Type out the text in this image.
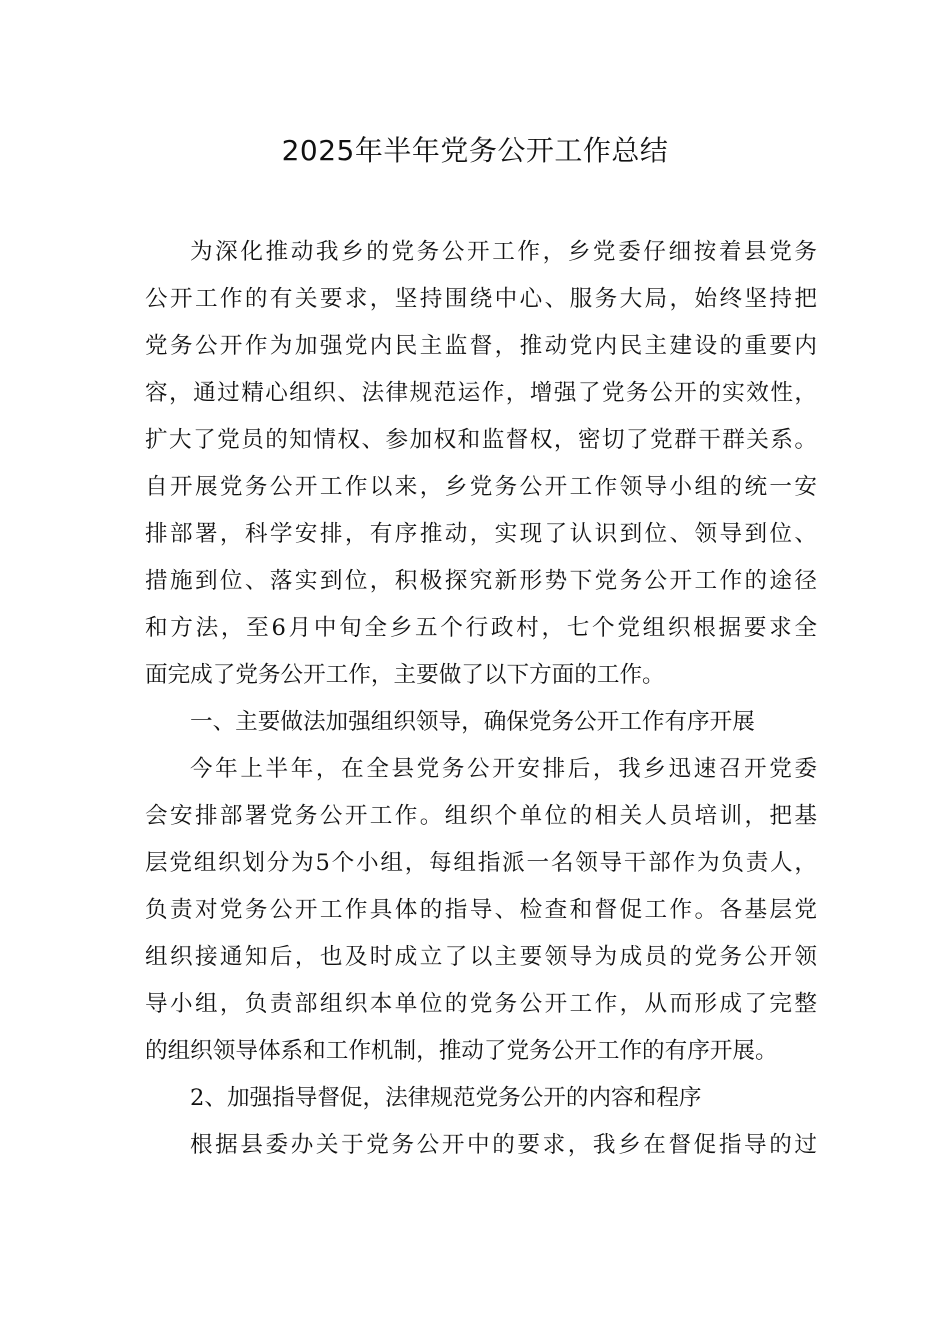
2025年半年党务公开工作总结
为深化推动我乡的党务公开工作，乡党委仔细按着县党务
公开工作的有关要求，坚持围绕中心、服务大局，始终坚持把
党务公开作为加强党内民主监督，推动党内民主建设的重要内
容，通过精心组织、法律规范运作，增强了党务公开的实效性，
扩大了党员的知情权、参加权和监督权，密切了党群干群关系。
自开展党务公开工作以来，乡党务公开工作领导小组的统一安
排部署，科学安排，有序推动，实现了认识到位、领导到位、
措施到位、落实到位，积极探究新形势下党务公开工作的途径
和方法，至6月中旬全乡五个行政村，七个党组织根据要求全
面完成了党务公开工作，主要做了以下方面的工作。
一、主要做法加强组织领导，确保党务公开工作有序开展
今年上半年，在全县党务公开安排后，我乡迅速召开党委
会安排部署党务公开工作。组织个单位的相关人员培训，把基
层党组织划分为5个小组，每组指派一名领导干部作为负责人，
负责对党务公开工作具体的指导、检查和督促工作。各基层党
组织接通知后，也及时成立了以主要领导为成员的党务公开领
导小组，负责部组织本单位的党务公开工作，从而形成了完整
的组织领导体系和工作机制，推动了党务公开工作的有序开展。
2、加强指导督促，法律规范党务公开的内容和程序
根据县委办关于党务公开中的要求，我乡在督促指导的过
